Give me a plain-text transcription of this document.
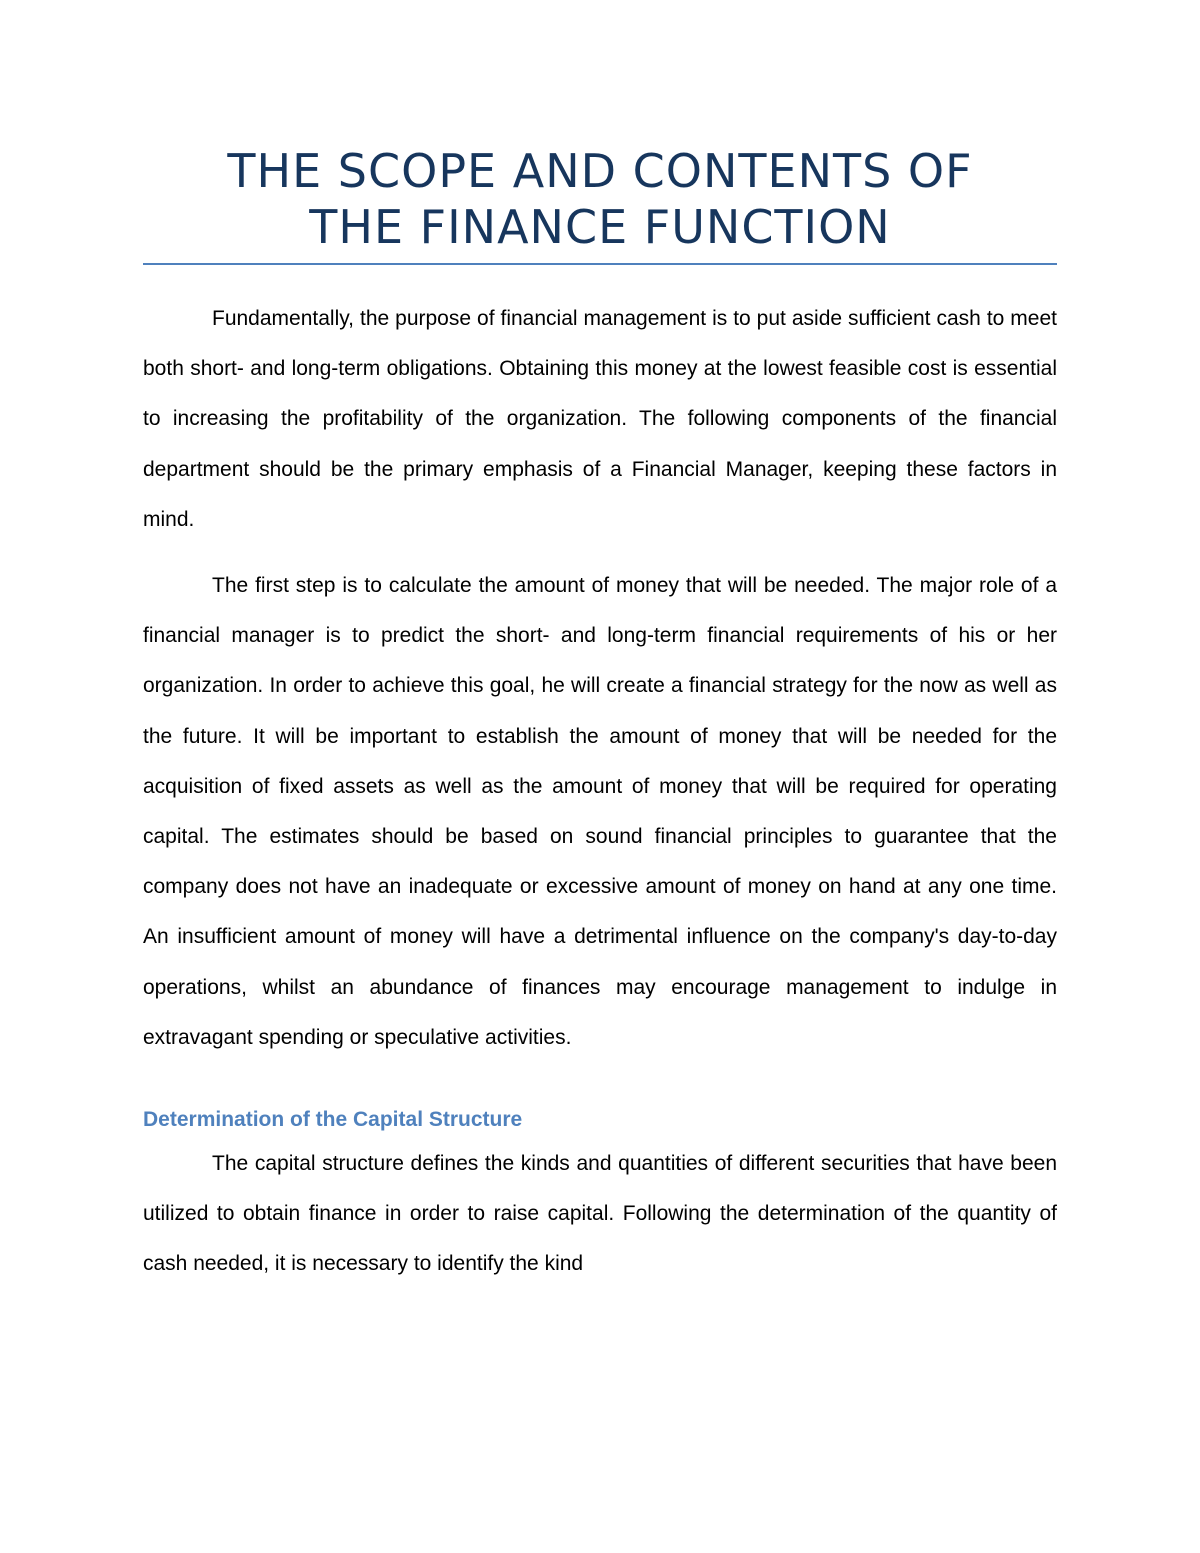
THE SCOPE AND CONTENTS OF
THE FINANCE FUNCTION

Fundamentally, the purpose of financial management is to put aside sufficient cash to meet both short- and long-term obligations. Obtaining this money at the lowest feasible cost is essential to increasing the profitability of the organization. The following components of the financial department should be the primary emphasis of a Financial Manager, keeping these factors in mind.

The first step is to calculate the amount of money that will be needed. The major role of a financial manager is to predict the short- and long-term financial requirements of his or her organization. In order to achieve this goal, he will create a financial strategy for the now as well as the future. It will be important to establish the amount of money that will be needed for the acquisition of fixed assets as well as the amount of money that will be required for operating capital. The estimates should be based on sound financial principles to guarantee that the company does not have an inadequate or excessive amount of money on hand at any one time. An insufficient amount of money will have a detrimental influence on the company's day-to-day operations, whilst an abundance of finances may encourage management to indulge in extravagant spending or speculative activities.

Determination of the Capital Structure

The capital structure defines the kinds and quantities of different securities that have been utilized to obtain finance in order to raise capital. Following the determination of the quantity of cash needed, it is necessary to identify the kind
